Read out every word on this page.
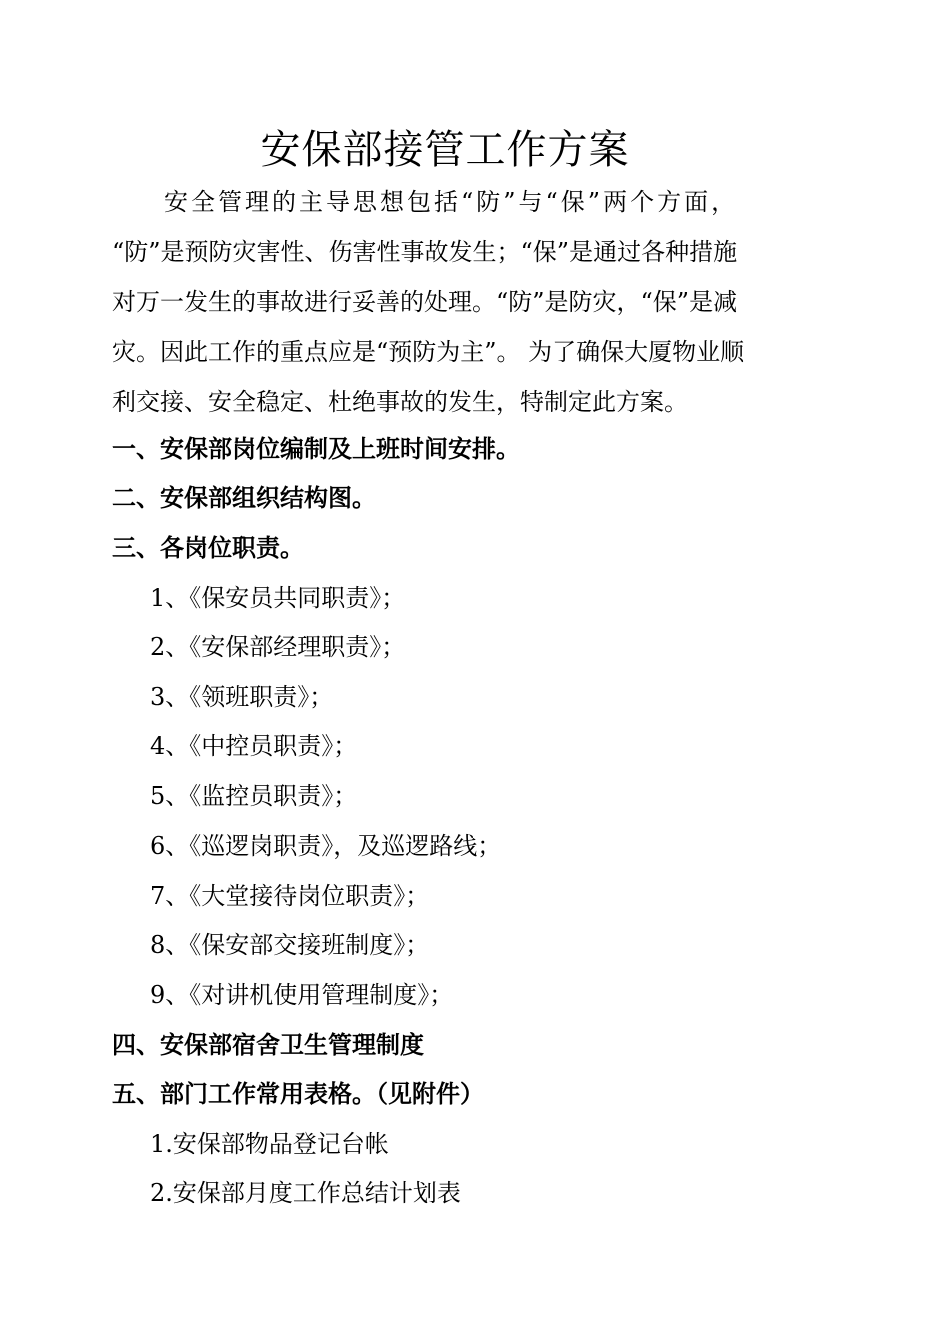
安保部接管工作方案

安全管理的主导思想包括“防”与“保”两个方面，
“防”是预防灾害性、伤害性事故发生；“保”是通过各种措施
对万一发生的事故进行妥善的处理。“防”是防灾，“保”是减
灾。因此工作的重点应是“预防为主”。 为了确保大厦物业顺
利交接、安全稳定、杜绝事故的发生，特制定此方案。

一、安保部岗位编制及上班时间安排。

二、安保部组织结构图。

三、各岗位职责。

1、《保安员共同职责》；

2、《安保部经理职责》；

3、《领班职责》；

4、《中控员职责》；

5、《监控员职责》；

6、《巡逻岗职责》，及巡逻路线；

7、《大堂接待岗位职责》；

8、《保安部交接班制度》；

9、《对讲机使用管理制度》；

四、安保部宿舍卫生管理制度

五、部门工作常用表格。（见附件）

1.安保部物品登记台帐

2.安保部月度工作总结计划表
